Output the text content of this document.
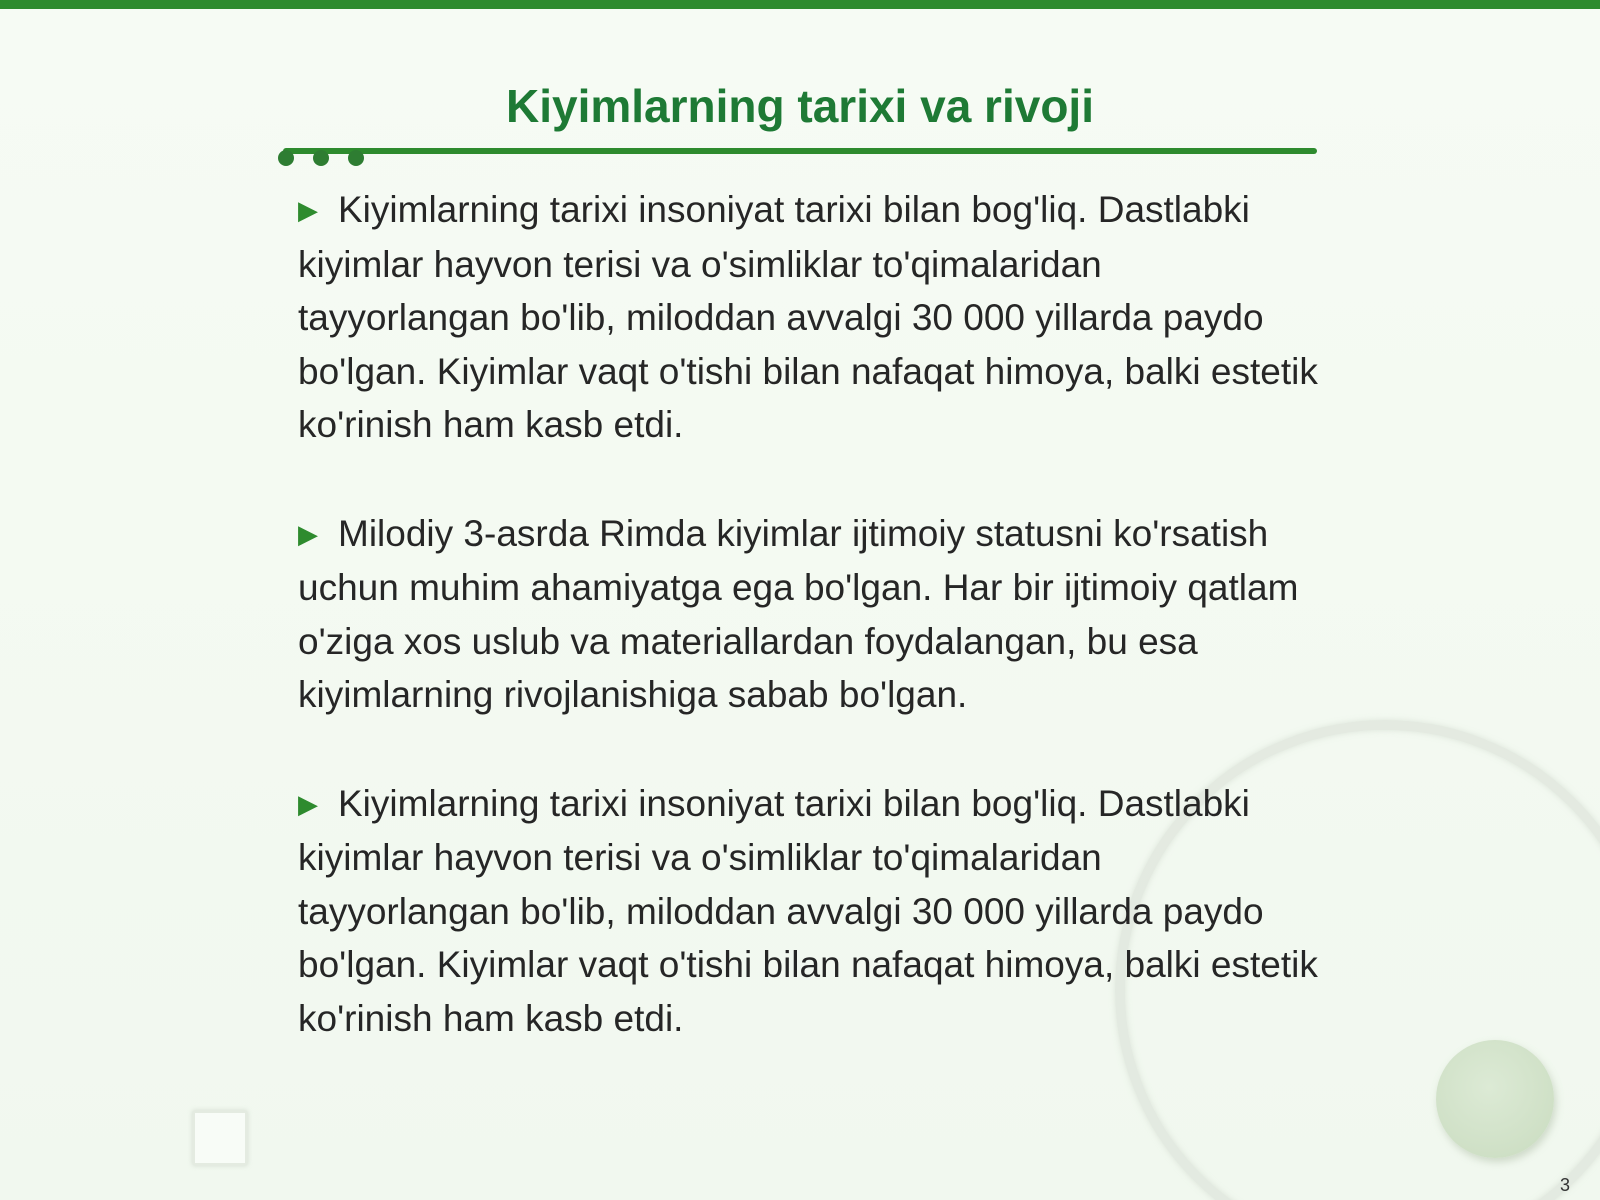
Kiyimlarning tarixi va rivoji

▶ Kiyimlarning tarixi insoniyat tarixi bilan bog'liq. Dastlabki kiyimlar hayvon terisi va o'simliklar to'qimalaridan tayyorlangan bo'lib, miloddan avvalgi 30 000 yillarda paydo bo'lgan. Kiyimlar vaqt o'tishi bilan nafaqat himoya, balki estetik ko'rinish ham kasb etdi.

▶ Milodiy 3-asrda Rimda kiyimlar ijtimoiy statusni ko'rsatish uchun muhim ahamiyatga ega bo'lgan. Har bir ijtimoiy qatlam o'ziga xos uslub va materiallardan foydalangan, bu esa kiyimlarning rivojlanishiga sabab bo'lgan.

▶ Kiyimlarning tarixi insoniyat tarixi bilan bog'liq. Dastlabki kiyimlar hayvon terisi va o'simliklar to'qimalaridan tayyorlangan bo'lib, miloddan avvalgi 30 000 yillarda paydo bo'lgan. Kiyimlar vaqt o'tishi bilan nafaqat himoya, balki estetik ko'rinish ham kasb etdi.

3
